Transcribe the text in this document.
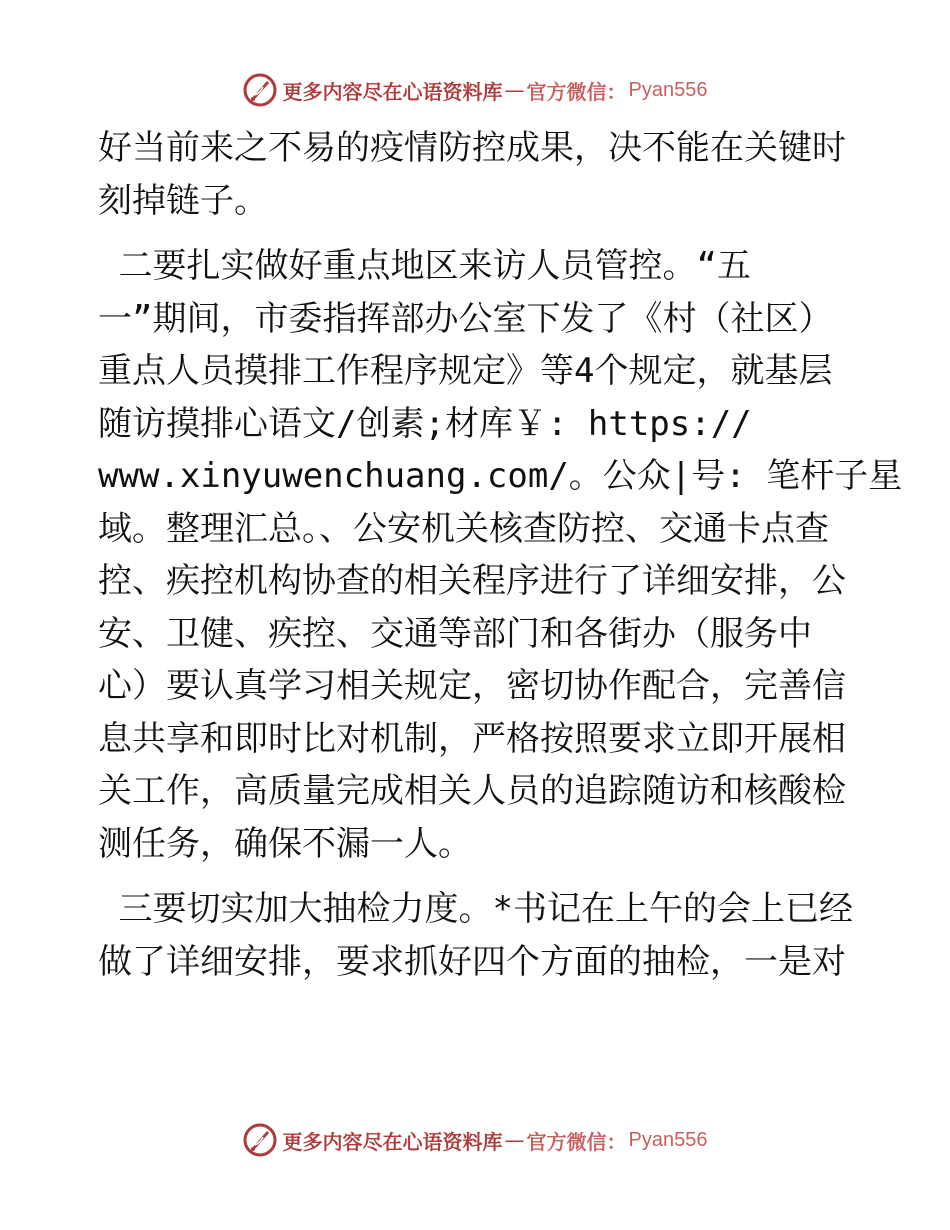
更多内容尽在心语资料库 — 官方微信： Pyan556

好当前来之不易的疫情防控成果，决不能在关键时
刻掉链子。

二要扎实做好重点地区来访人员管控。“五
一”期间，市委指挥部办公室下发了《村（社区）
重点人员摸排工作程序规定》等4个规定，就基层
随访摸排心语文/创素;材库￥: https://
www.xinyuwenchuang.com/。公众|号: 笔杆子星
域。整理汇总。、公安机关核查防控、交通卡点查
控、疾控机构协查的相关程序进行了详细安排，公
安、卫健、疾控、交通等部门和各街办（服务中
心）要认真学习相关规定，密切协作配合，完善信
息共享和即时比对机制，严格按照要求立即开展相
关工作，高质量完成相关人员的追踪随访和核酸检
测任务，确保不漏一人。

三要切实加大抽检力度。*书记在上午的会上已经
做了详细安排，要求抓好四个方面的抽检，一是对

更多内容尽在心语资料库 — 官方微信： Pyan556
